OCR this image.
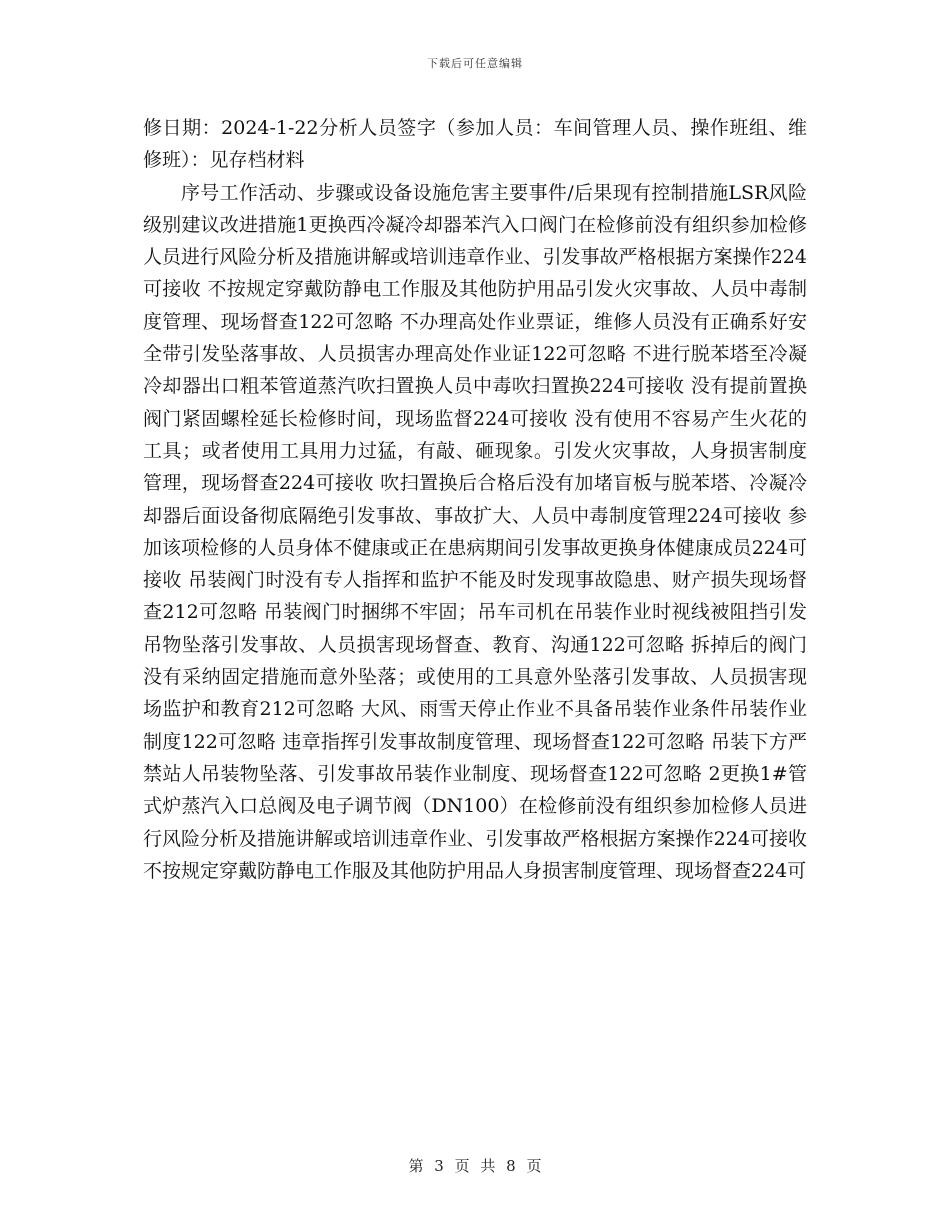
下载后可任意编辑

修日期：2024-1-22分析人员签字（参加人员：车间管理人员、操作班组、维修班）：见存档材料

序号工作活动、步骤或设备设施危害主要事件/后果现有控制措施LSR风险级别建议改进措施1更换西冷凝冷却器苯汽入口阀门在检修前没有组织参加检修人员进行风险分析及措施讲解或培训违章作业、引发事故严格根据方案操作224可接收 不按规定穿戴防静电工作服及其他防护用品引发火灾事故、人员中毒制度管理、现场督查122可忽略 不办理高处作业票证，维修人员没有正确系好安全带引发坠落事故、人员损害办理高处作业证122可忽略 不进行脱苯塔至冷凝冷却器出口粗苯管道蒸汽吹扫置换人员中毒吹扫置换224可接收 没有提前置换阀门紧固螺栓延长检修时间，现场监督224可接收 没有使用不容易产生火花的工具；或者使用工具用力过猛，有敲、砸现象。引发火灾事故，人身损害制度管理，现场督查224可接收 吹扫置换后合格后没有加堵盲板与脱苯塔、冷凝冷却器后面设备彻底隔绝引发事故、事故扩大、人员中毒制度管理224可接收 参加该项检修的人员身体不健康或正在患病期间引发事故更换身体健康成员224可接收 吊装阀门时没有专人指挥和监护不能及时发现事故隐患、财产损失现场督查212可忽略 吊装阀门时捆绑不牢固；吊车司机在吊装作业时视线被阻挡引发吊物坠落引发事故、人员损害现场督查、教育、沟通122可忽略 拆掉后的阀门没有采纳固定措施而意外坠落；或使用的工具意外坠落引发事故、人员损害现场监护和教育212可忽略 大风、雨雪天停止作业不具备吊装作业条件吊装作业制度122可忽略 违章指挥引发事故制度管理、现场督查122可忽略 吊装下方严禁站人吊装物坠落、引发事故吊装作业制度、现场督查122可忽略 2更换1#管式炉蒸汽入口总阀及电子调节阀（DN100）在检修前没有组织参加检修人员进行风险分析及措施讲解或培训违章作业、引发事故严格根据方案操作224可接收 不按规定穿戴防静电工作服及其他防护用品人身损害制度管理、现场督查224可

第 3 页 共 8 页
